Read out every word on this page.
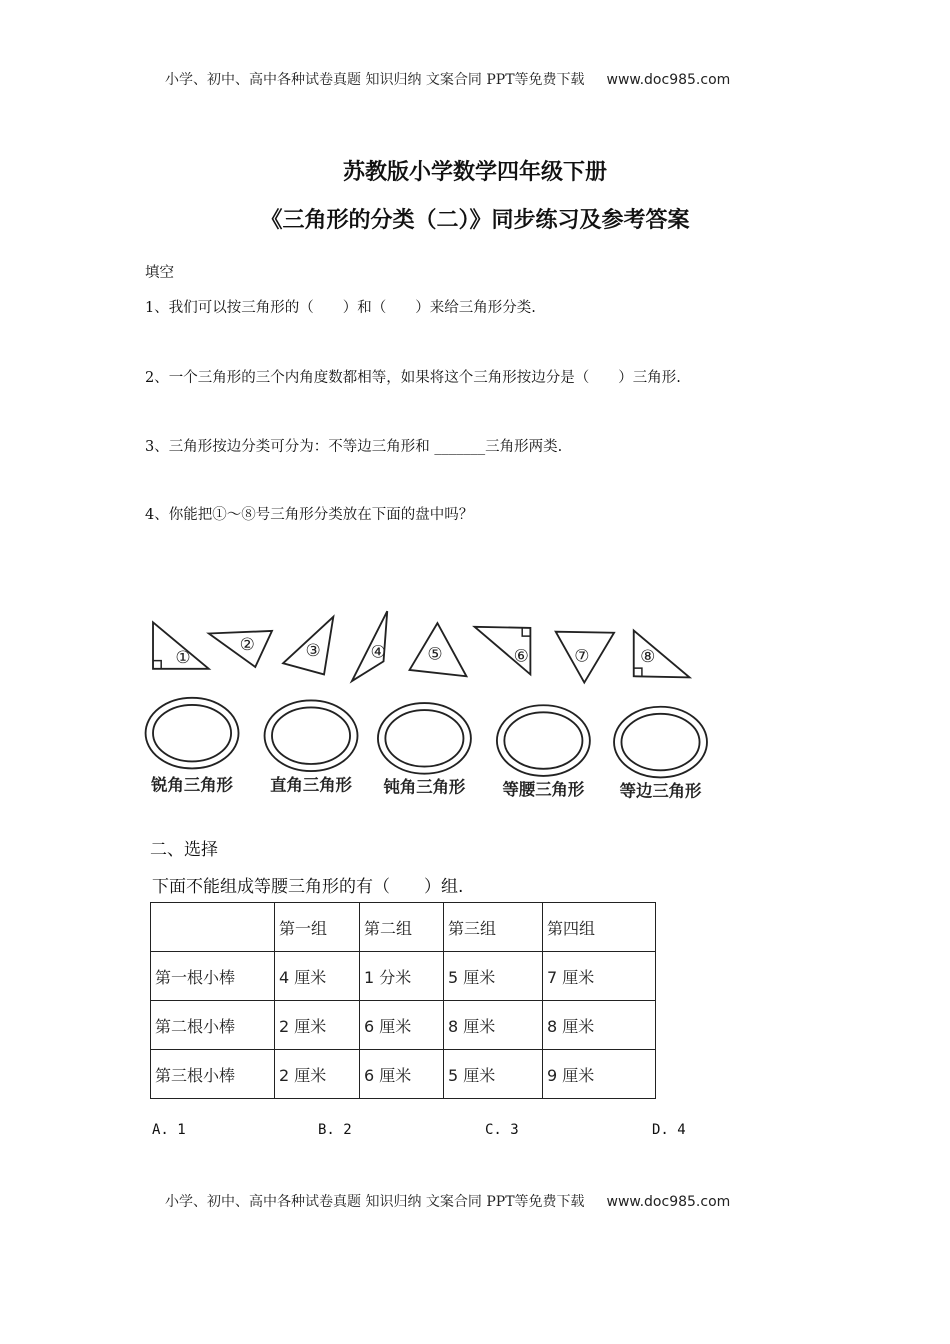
小学、初中、高中各种试卷真题 知识归纳 文案合同 PPT等免费下载 www.doc985.com
苏教版小学数学四年级下册
《三角形的分类（二）》同步练习及参考答案
填空
1、我们可以按三角形的（　　）和（　　）来给三角形分类.
2、一个三角形的三个内角度数都相等，如果将这个三角形按边分是（　　）三角形.
3、三角形按边分类可分为：不等边三角形和 _______三角形两类.
4、你能把①～⑧号三角形分类放在下面的盘中吗？
①
② ③ ④ ⑤ ⑥ ⑦ ⑧
锐角三角形 直角三角形 钝角三角形 等腰三角形 等边三角形
二、选择
下面不能组成等腰三角形的有（　　）组.
	第一组	第二组	第三组	第四组
第一根小棒	4 厘米	1 分米	5 厘米	7 厘米
第二根小棒	2 厘米	6 厘米	8 厘米	8 厘米
第三根小棒	2 厘米	6 厘米	5 厘米	9 厘米
A. 1	B. 2	C. 3	D. 4
小学、初中、高中各种试卷真题 知识归纳 文案合同 PPT等免费下载 www.doc985.com
